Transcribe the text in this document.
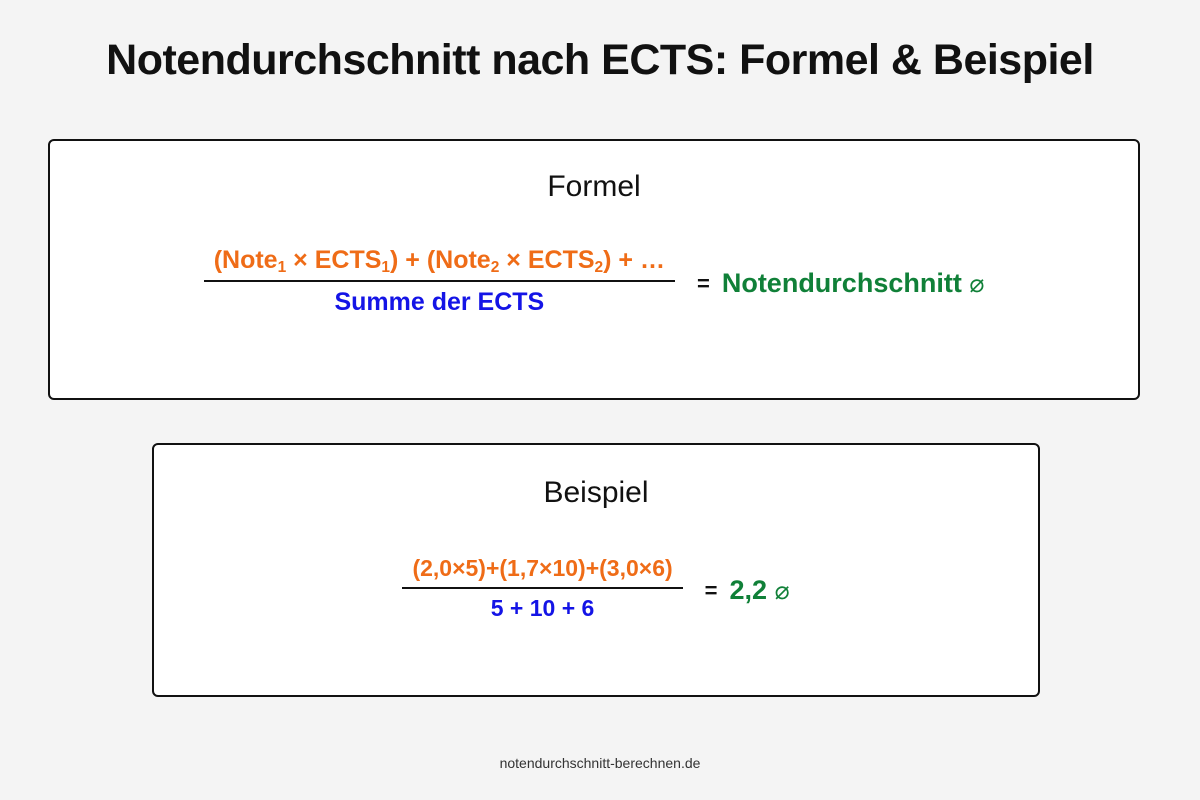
Notendurchschnitt nach ECTS: Formel & Beispiel
Formel
$\frac{(Note_1 \times ECTS_1) + (Note_2 \times ECTS_2) + \dots}{\text{Summe der ECTS}}$ = Notendurchschnitt ⌀
Beispiel
$\frac{(2,0\times 5)+(1,7\times 10)+(3,0\times 6)}{5 + 10 + 6} = 2,2$ ⌀
notendurchschnitt-berechnen.de
